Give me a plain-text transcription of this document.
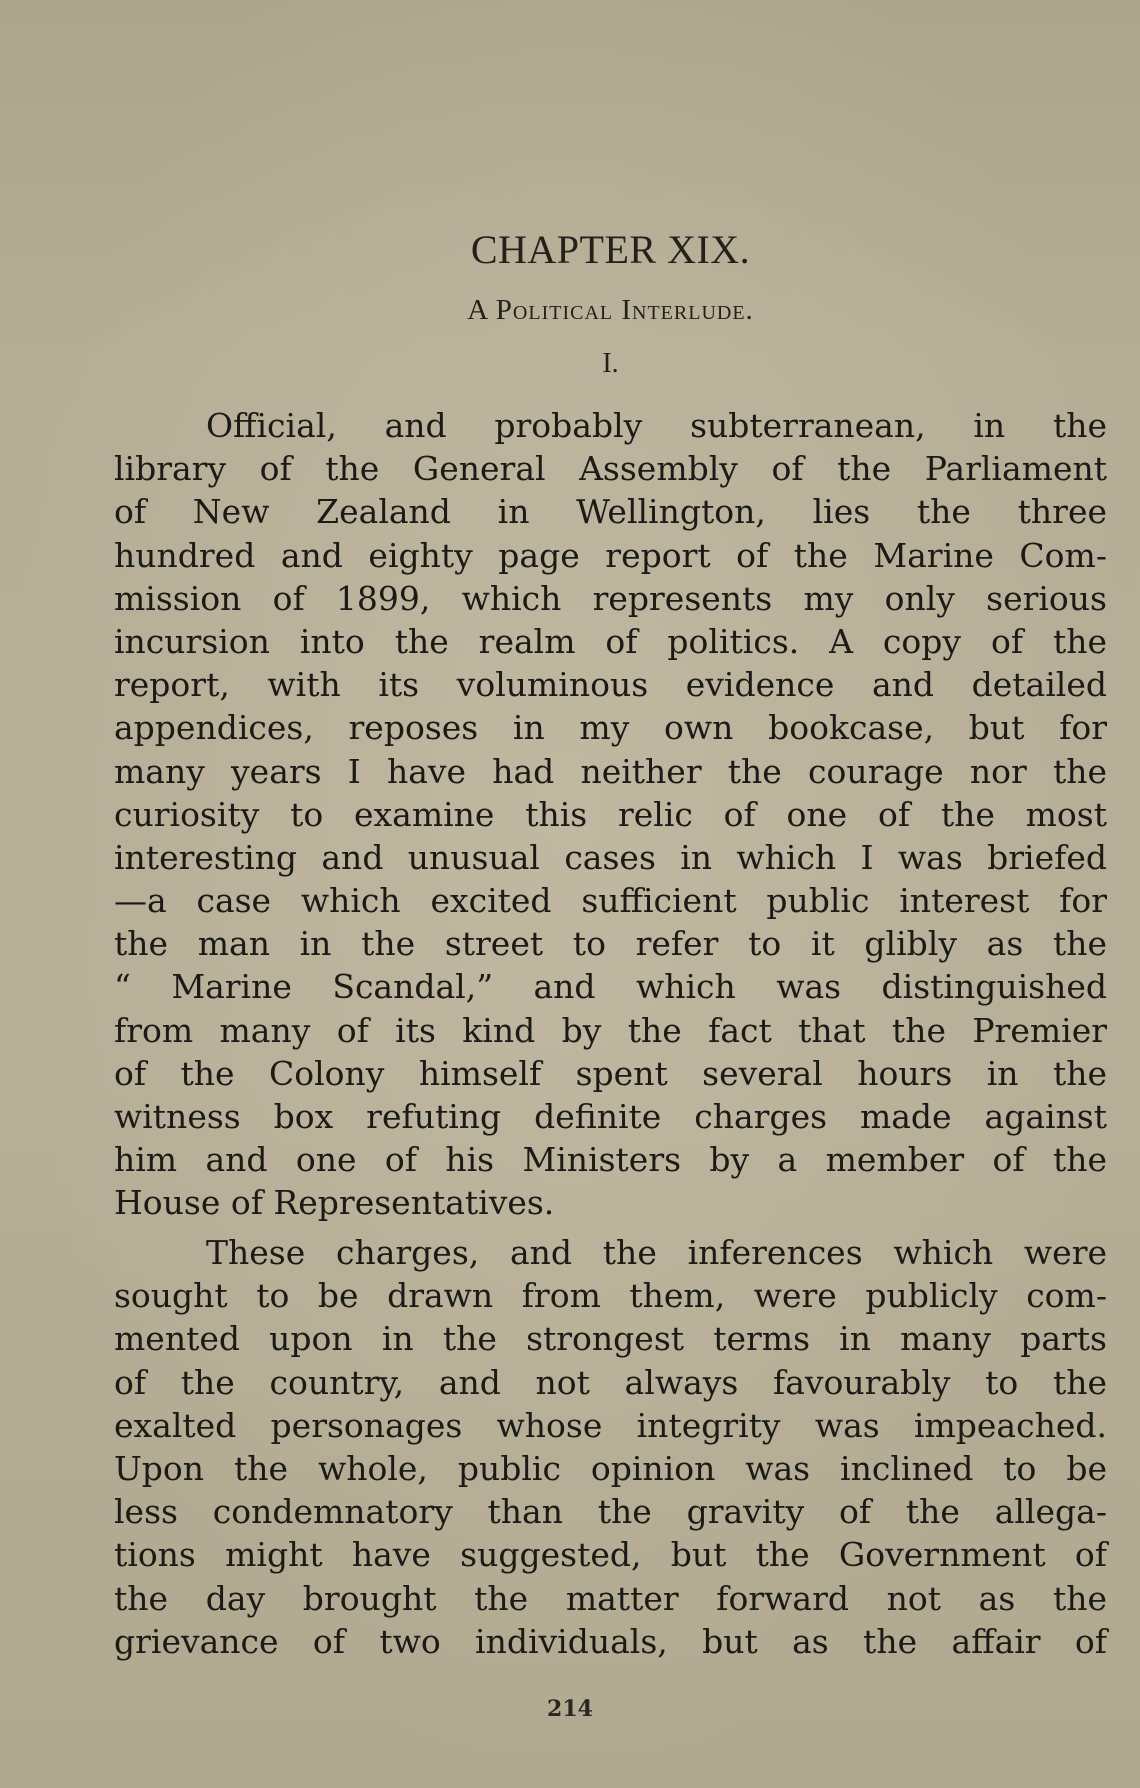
CHAPTER XIX.
A Political Interlude.
I.
Official, and probably subterranean, in the
library of the General Assembly of the Parliament
of New Zealand in Wellington, lies the three
hundred and eighty page report of the Marine Com-
mission of 1899, which represents my only serious
incursion into the realm of politics. A copy of the
report, with its voluminous evidence and detailed
appendices, reposes in my own bookcase, but for
many years I have had neither the courage nor the
curiosity to examine this relic of one of the most
interesting and unusual cases in which I was briefed
—a case which excited sufficient public interest for
the man in the street to refer to it glibly as the
“ Marine Scandal,” and which was distinguished
from many of its kind by the fact that the Premier
of the Colony himself spent several hours in the
witness box refuting definite charges made against
him and one of his Ministers by a member of the
House of Representatives.
These charges, and the inferences which were
sought to be drawn from them, were publicly com-
mented upon in the strongest terms in many parts
of the country, and not always favourably to the
exalted personages whose integrity was impeached.
Upon the whole, public opinion was inclined to be
less condemnatory than the gravity of the allega-
tions might have suggested, but the Government of
the day brought the matter forward not as the
grievance of two individuals, but as the affair of
214
